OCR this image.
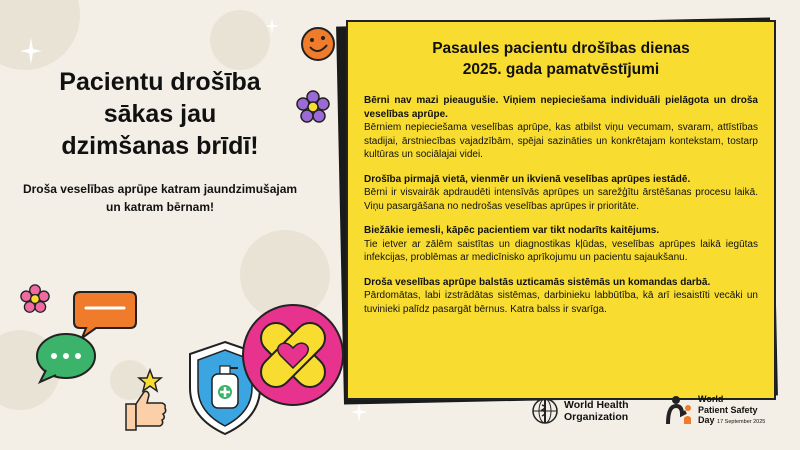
Pacientu drošība
sākas jau
dzimšanas brīdī!
Droša veselības aprūpe katram jaundzimušajam un katram bērnam!
Pasaules pacientu drošības dienas
2025. gada pamatvēstījumi
Bērni nav mazi pieaugušie. Viņiem nepieciešama individuāli pielāgota un droša veselības aprūpe.
Bērniem nepieciešama veselības aprūpe, kas atbilst viņu vecumam, svaram, attīstības stadijai, ārstniecības vajadzībām, spējai sazināties un konkrētajam kontekstam, tostarp kultūras un sociālajai videi.
Drošība pirmajā vietā, vienmēr un ikvienā veselības aprūpes iestādē.
Bērni ir visvairāk apdraudēti intensīvās aprūpes un sarežģītu ārstēšanas procesu laikā. Viņu pasargāšana no nedrošas veselības aprūpes ir prioritāte.
Biežākie iemesli, kāpēc pacientiem var tikt nodarīts kaitējums.
Tie ietver ar zālēm saistītas un diagnostikas kļūdas, veselības aprūpes laikā iegūtas infekcijas, problēmas ar medicīnisko aprīkojumu un pacientu sajaukšanu.
Droša veselības aprūpe balstās uzticamās sistēmās un komandas darbā.
Pārdomātas, labi izstrādātas sistēmas, darbinieku labbūtība, kā arī iesaistīti vecāki un tuvinieki palīdz pasargāt bērnus. Katra balss ir svarīga.
World Health
Organization
World
Patient Safety
Day 17 September 2025
